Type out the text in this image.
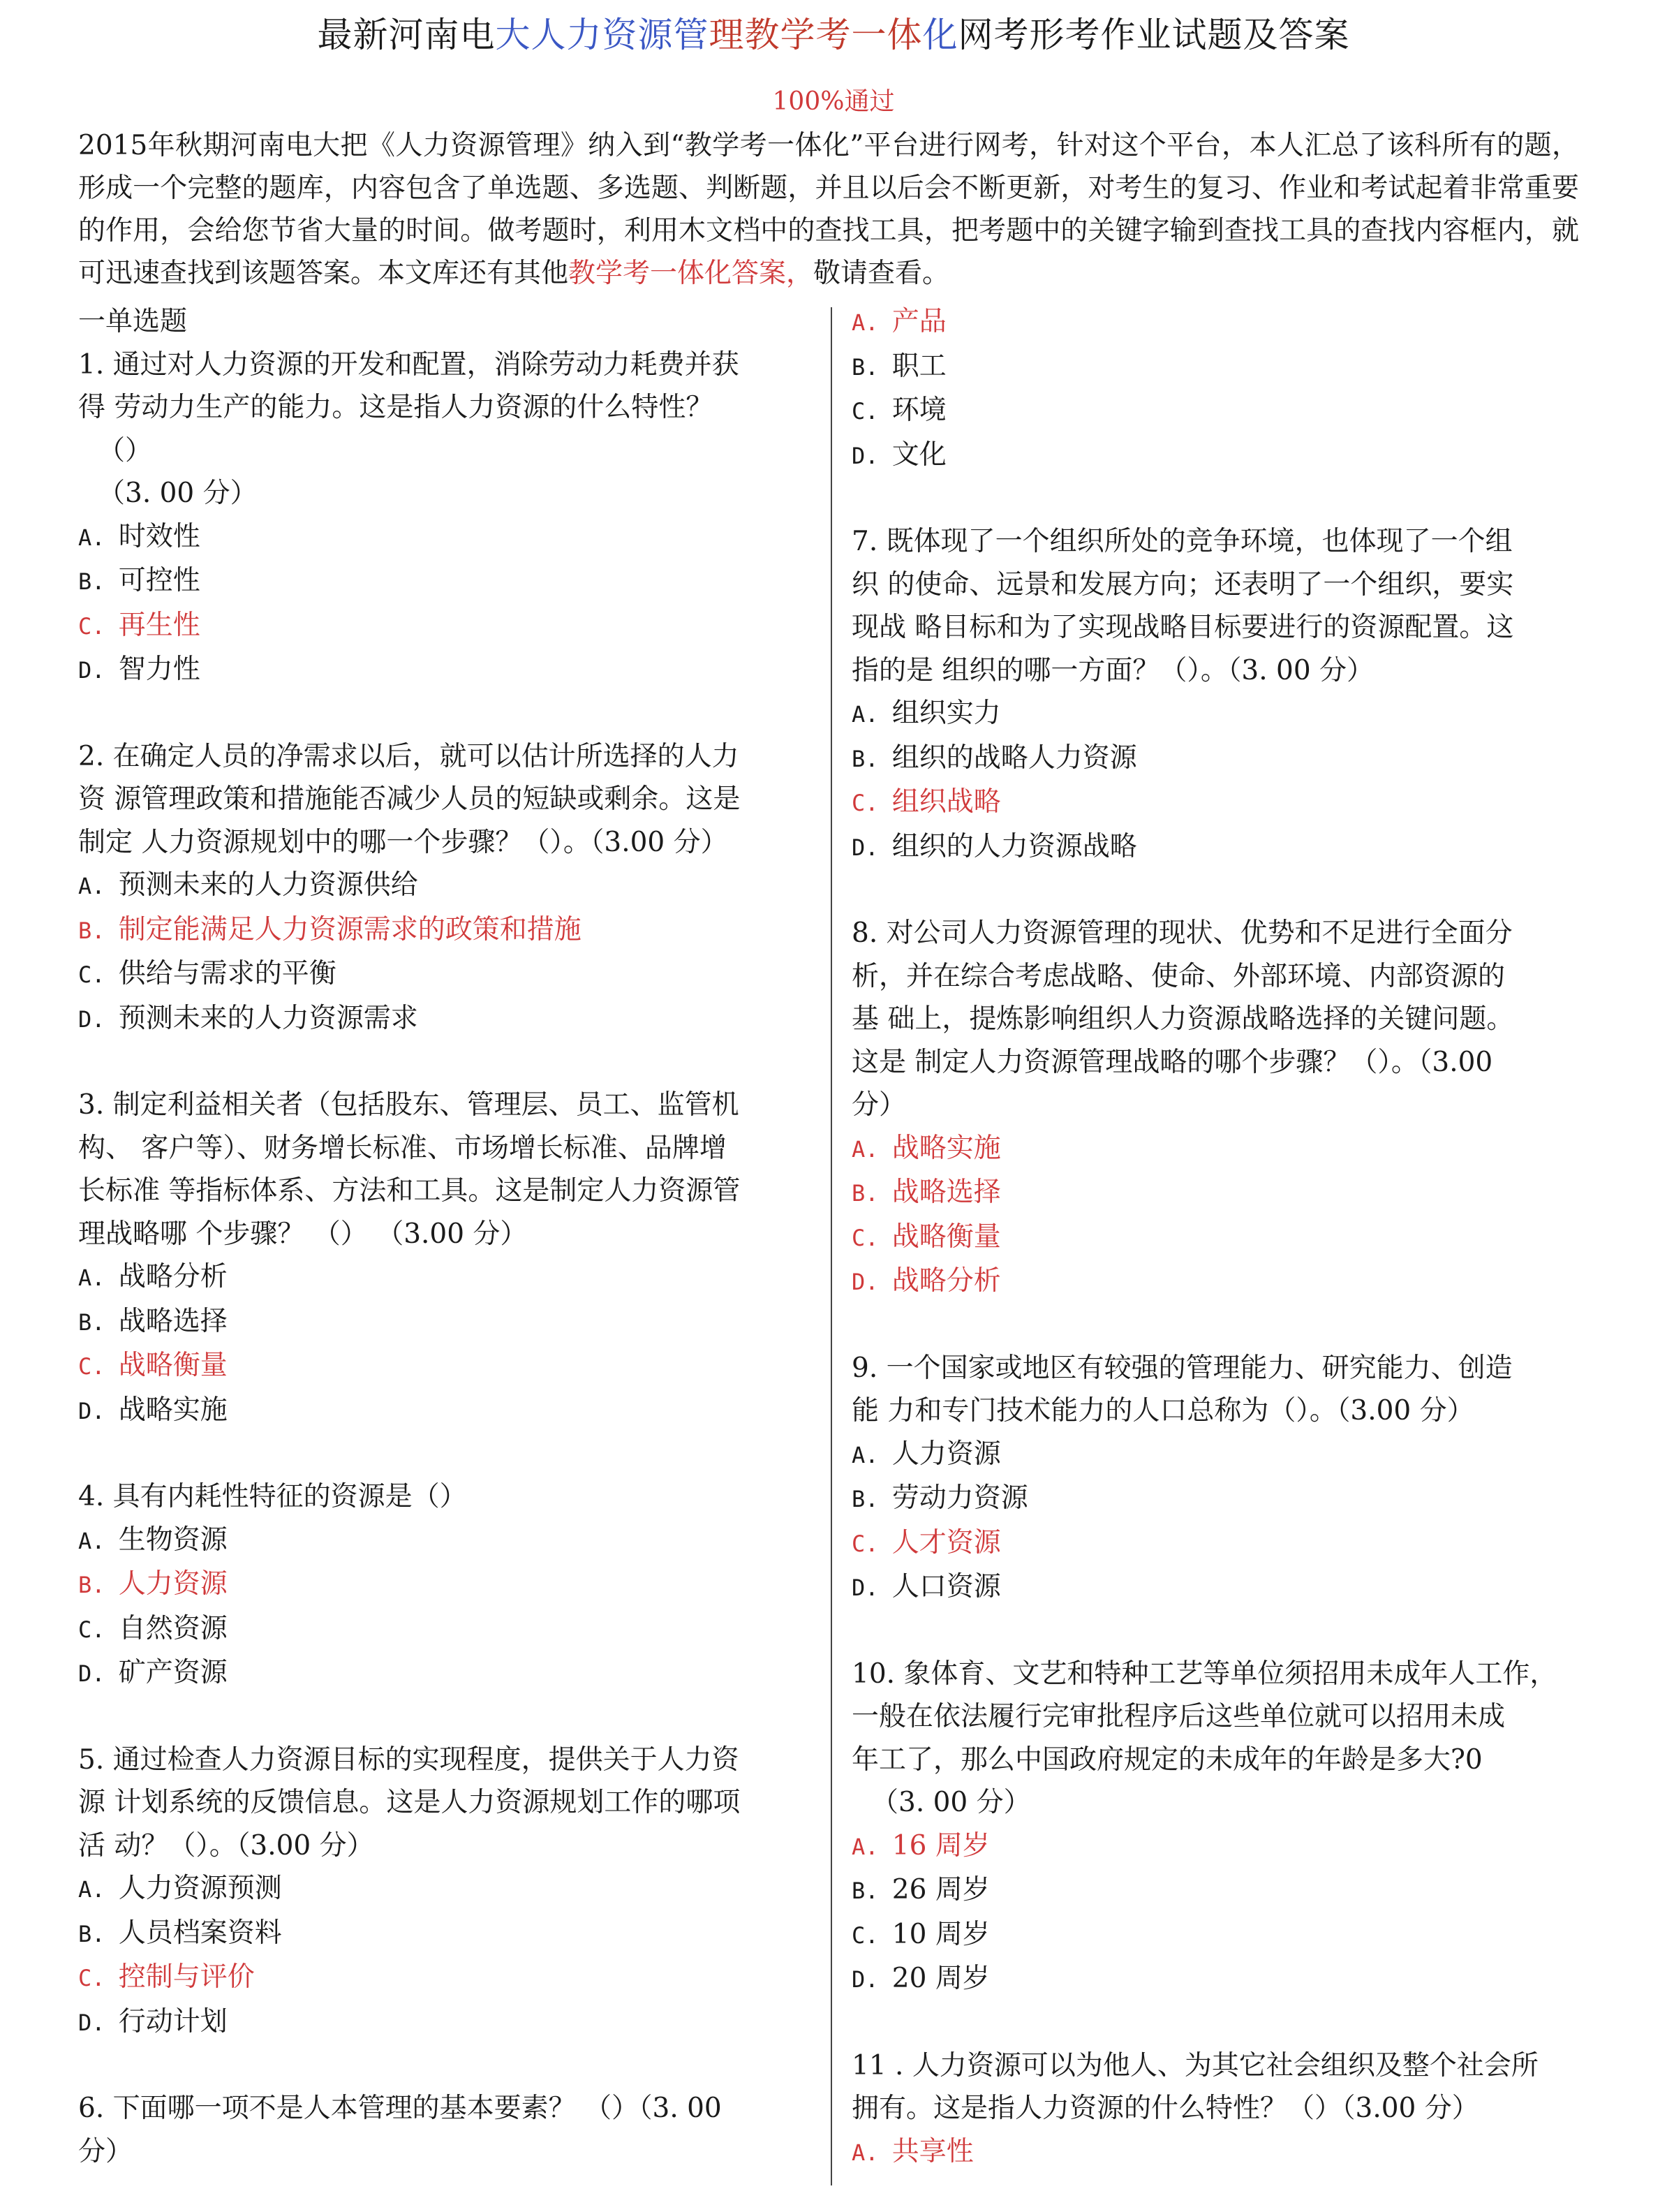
最新河南电大人力资源管理教学考一体化网考形考作业试题及答案
100%通过
2015年秋期河南电大把《人力资源管理》纳入到“教学考一体化”平台进行网考，针对这个平台，本人汇总了该科所有的题，形成一个完整的题库，内容包含了单选题、多选题、判断题，并且以后会不断更新，对考生的复习、作业和考试起着非常重要的作用，会给您节省大量的时间。做考题时，利用木文档中的查找工具，把考题中的关键字输到查找工具的查找内容框内，就可迅速查找到该题答案。本文库还有其他教学考一体化答案，敬请查看。
一单选题
1. 通过对人力资源的开发和配置，消除劳动力耗费并获
得 劳动力生产的能力。这是指人力资源的什么特性？
（）
（3. 00 分）
A. 时效性
B. 可控性
C. 再生性
D. 智力性
2. 在确定人员的净需求以后，就可以估计所选择的人力
资 源管理政策和措施能否减少人员的短缺或剩余。这是
制定 人力资源规划中的哪一个步骤？（）。（3.00 分）
A. 预测未来的人力资源供给
B. 制定能满足人力资源需求的政策和措施
C. 供给与需求的平衡
D. 预测未来的人力资源需求
3. 制定利益相关者（包括股东、管理层、员工、监管机
构、 客户等）、财务增长标准、市场增长标准、品牌增
长标准 等指标体系、方法和工具。这是制定人力资源管
理战略哪 个步骤？ （） （3.00 分）
A. 战略分析
B. 战略选择
C. 战略衡量
D. 战略实施
4. 具有内耗性特征的资源是（）
A. 生物资源
B. 人力资源
C. 自然资源
D. 矿产资源
5. 通过检查人力资源目标的实现程度，提供关于人力资
源 计划系统的反馈信息。这是人力资源规划工作的哪项
活 动？（）。（3.00 分）
A. 人力资源预测
B. 人员档案资料
C. 控制与评价
D. 行动计划
6. 下面哪一项不是人本管理的基本要素？ （）（3. 00
分）
A. 产品
B. 职工
C. 环境
D. 文化
7. 既体现了一个组织所处的竞争环境，也体现了一个组
织 的使命、远景和发展方向；还表明了一个组织，要实
现战 略目标和为了实现战略目标要进行的资源配置。这
指的是 组织的哪一方面？（）。（3. 00 分）
A. 组织实力
B. 组织的战略人力资源
C. 组织战略
D. 组织的人力资源战略
8. 对公司人力资源管理的现状、优势和不足进行全面分
析，并在综合考虑战略、使命、外部环境、内部资源的
基 础上，提炼影响组织人力资源战略选择的关键问题。
这是 制定人力资源管理战略的哪个步骤？（）。（3.00
分）
A. 战略实施
B. 战略选择
C. 战略衡量
D. 战略分析
9. 一个国家或地区有较强的管理能力、研究能力、创造
能 力和专门技术能力的人口总称为（）。（3.00 分）
A. 人力资源
B. 劳动力资源
C. 人才资源
D. 人口资源
10. 象体育、文艺和特种工艺等单位须招用未成年人工作，
一般在依法履行完审批程序后这些单位就可以招用未成
年工了，那么中国政府规定的未成年的年龄是多大?0
（3. 00 分）
A. 16 周岁
B. 26 周岁
C. 10 周岁
D. 20 周岁
11 . 人力资源可以为他人、为其它社会组织及整个社会所
拥有。这是指人力资源的什么特性？（）（3.00 分）
A. 共享性
